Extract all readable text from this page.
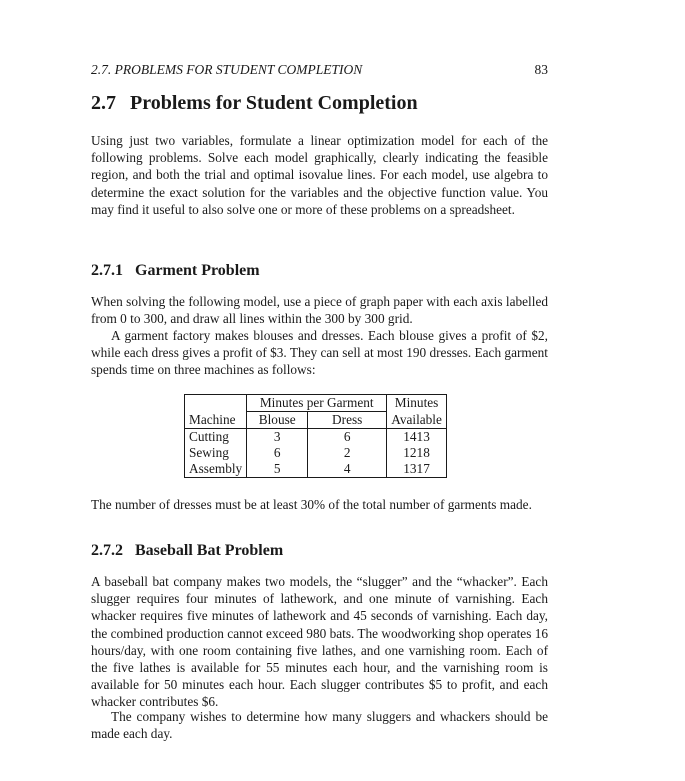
2.7. PROBLEMS FOR STUDENT COMPLETION	83
2.7 Problems for Student Completion

Using just two variables, formulate a linear optimization model for each of the following problems. Solve each model graphically, clearly indicating the feasible region, and both the trial and optimal isovalue lines. For each model, use algebra to determine the exact solution for the variables and the objective function value. You may find it useful to also solve one or more of these problems on a spreadsheet.

2.7.1 Garment Problem

When solving the following model, use a piece of graph paper with each axis labelled from 0 to 300, and draw all lines within the 300 by 300 grid.

A garment factory makes blouses and dresses. Each blouse gives a profit of $2, while each dress gives a profit of $3. They can sell at most 190 dresses. Each garment spends time on three machines as follows:

	Minutes per Garment		Minutes
Machine	Blouse	Dress	Available
Cutting	3	6	1413
Sewing	6	2	1218
Assembly	5	4	1317

The number of dresses must be at least 30% of the total number of garments made.

2.7.2 Baseball Bat Problem

A baseball bat company makes two models, the “slugger” and the “whacker”. Each slugger requires four minutes of lathework, and one minute of varnishing. Each whacker requires five minutes of lathework and 45 seconds of varnishing. Each day, the combined production cannot exceed 980 bats. The woodworking shop operates 16 hours/day, with one room containing five lathes, and one varnishing room. Each of the five lathes is available for 55 minutes each hour, and the varnishing room is available for 50 minutes each hour. Each slugger contributes $5 to profit, and each whacker contributes $6.

The company wishes to determine how many sluggers and whackers should be made each day.
